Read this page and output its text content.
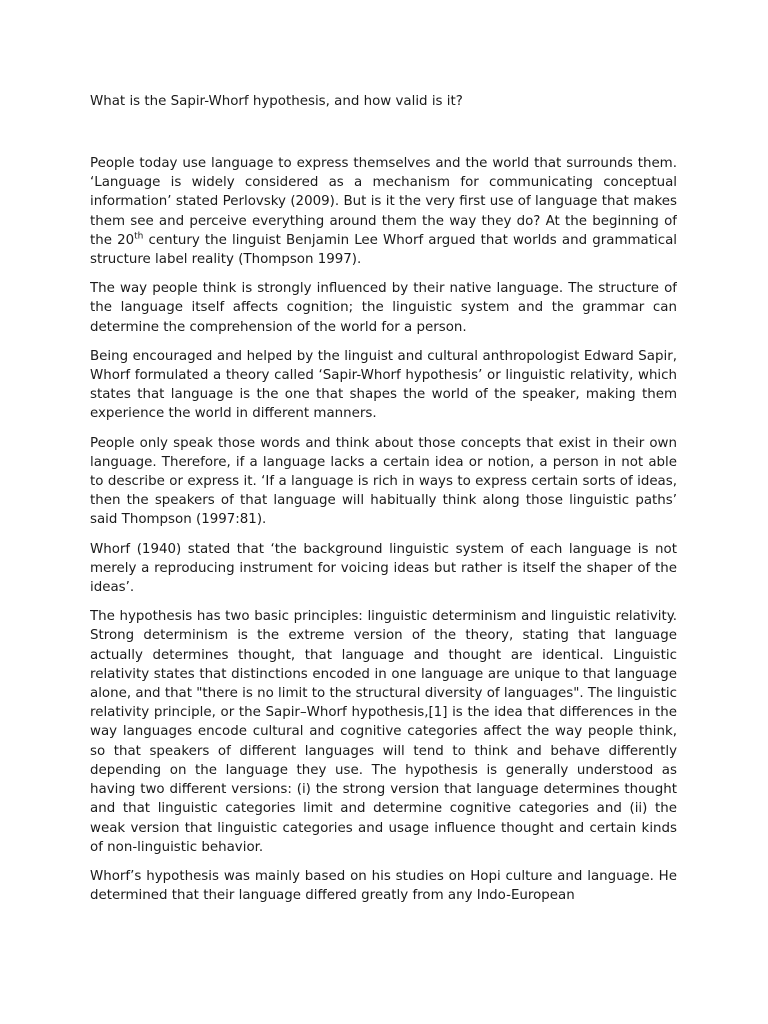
What is the Sapir-Whorf hypothesis, and how valid is it?

People today use language to express themselves and the world that surrounds them. ‘Language is widely considered as a mechanism for communicating conceptual information’ stated Perlovsky (2009). But is it the very first use of language that makes them see and perceive everything around them the way they do? At the beginning of the 20th century the linguist Benjamin Lee Whorf argued that worlds and grammatical structure label reality (Thompson 1997).

The way people think is strongly influenced by their native language. The structure of the language itself affects cognition; the linguistic system and the grammar can determine the comprehension of the world for a person.

Being encouraged and helped by the linguist and cultural anthropologist Edward Sapir, Whorf formulated a theory called ‘Sapir-Whorf hypothesis’ or linguistic relativity, which states that language is the one that shapes the world of the speaker, making them experience the world in different manners.

People only speak those words and think about those concepts that exist in their own language. Therefore, if a language lacks a certain idea or notion, a person in not able to describe or express it. ‘If a language is rich in ways to express certain sorts of ideas, then the speakers of that language will habitually think along those linguistic paths’ said Thompson (1997:81).

Whorf (1940) stated that ‘the background linguistic system of each language is not merely a reproducing instrument for voicing ideas but rather is itself the shaper of the ideas’.

The hypothesis has two basic principles: linguistic determinism and linguistic relativity. Strong determinism is the extreme version of the theory, stating that language actually determines thought, that language and thought are identical. Linguistic relativity states that distinctions encoded in one language are unique to that language alone, and that "there is no limit to the structural diversity of languages". The linguistic relativity principle, or the Sapir–Whorf hypothesis,[1] is the idea that differences in the way languages encode cultural and cognitive categories affect the way people think, so that speakers of different languages will tend to think and behave differently depending on the language they use. The hypothesis is generally understood as having two different versions: (i) the strong version that language determines thought and that linguistic categories limit and determine cognitive categories and (ii) the weak version that linguistic categories and usage influence thought and certain kinds of non-linguistic behavior.

Whorf’s hypothesis was mainly based on his studies on Hopi culture and language. He determined that their language differed greatly from any Indo-European
